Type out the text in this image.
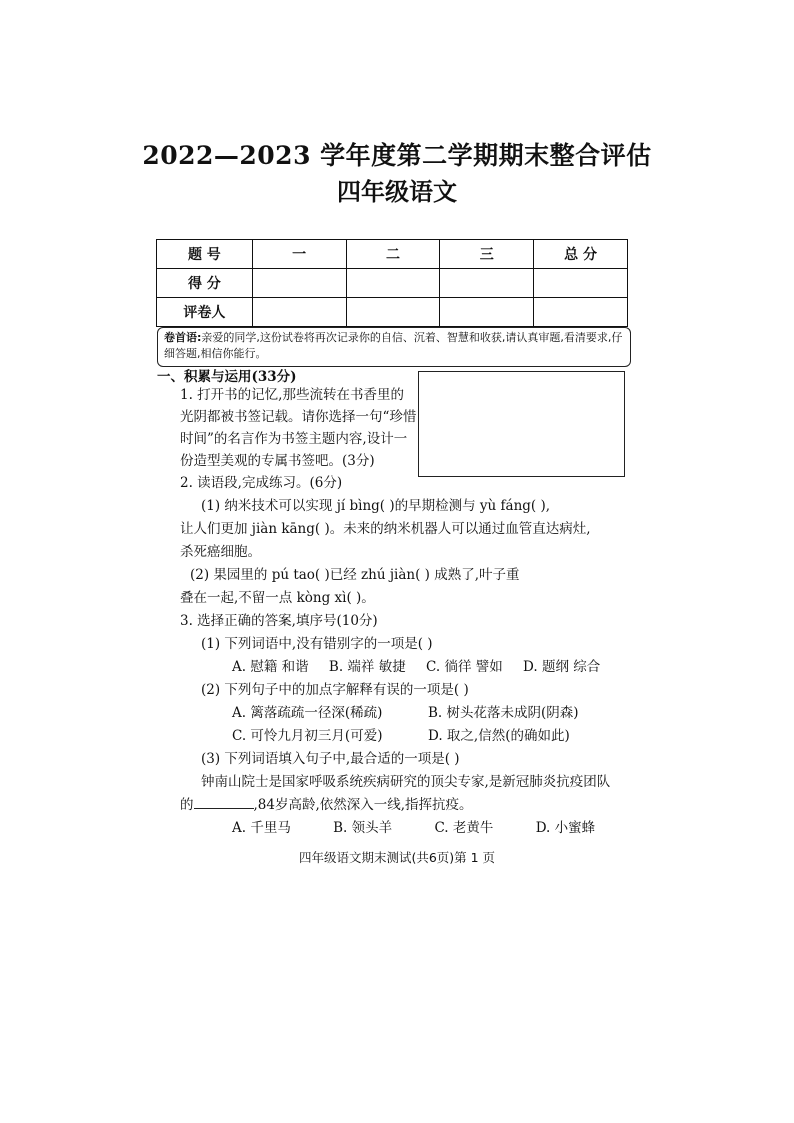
2022—2023 学年度第二学期期末整合评估
四年级语文
题 号	一	二	三	总 分
得 分				
评卷人				
卷首语:亲爱的同学,这份试卷将再次记录你的自信、沉着、智慧和收获,请认真审题,看清要求,仔细答题,相信你能行。
一、积累与运用(33分)
1. 打开书的记忆,那些流转在书香里的
光阴都被书签记载。请你选择一句“珍惜
时间”的名言作为书签主题内容,设计一
份造型美观的专属书签吧。(3分)
2. 读语段,完成练习。(6分)
(1) 纳米技术可以实现 jí bìng( )的早期检测与 yù fáng( ),
让人们更加 jiàn kāng( )。未来的纳米机器人可以通过血管直达病灶,
杀死癌细胞。
(2) 果园里的 pú tao( )已经 zhú jiàn( ) 成熟了,叶子重
叠在一起,不留一点 kòng xì( )。
3. 选择正确的答案,填序号(10分)
(1) 下列词语中,没有错别字的一项是( )
A. 慰籍 和谐 B. 端祥 敏捷 C. 徜徉 譬如 D. 题纲 综合
(2) 下列句子中的加点字解释有误的一项是( )
A. 篱落疏疏一径深(稀疏)	B. 树头花落未成阴(阴森)
C. 可怜九月初三月(可爱)	D. 取之,信然(的确如此)
(3) 下列词语填入句子中,最合适的一项是( )
钟南山院士是国家呼吸系统疾病研究的顶尖专家,是新冠肺炎抗疫团队
的	,84岁高龄,依然深入一线,指挥抗疫。
A. 千里马	B. 领头羊	C. 老黄牛	D. 小蜜蜂
四年级语文期末测试(共6页)第 1 页
